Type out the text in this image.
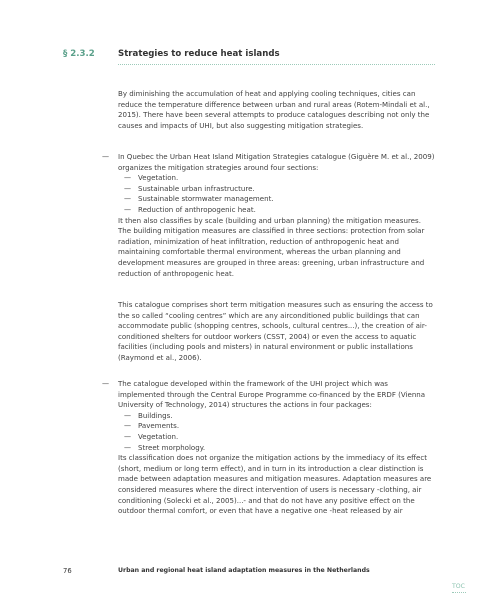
§ 2.3.2	Strategies to reduce heat islands

By diminishing the accumulation of heat and applying cooling techniques, cities can reduce the temperature difference between urban and rural areas (Rotem-Mindali et al., 2015). There have been several attempts to produce catalogues describing not only the causes and impacts of UHI, but also suggesting mitigation strategies.

— In Quebec the Urban Heat Island Mitigation Strategies catalogue (Giguère M. et al., 2009) organizes the mitigation strategies around four sections:

— Vegetation.
— Sustainable urban infrastructure.
— Sustainable stormwater management.
— Reduction of anthropogenic heat.

It then also classifies by scale (building and urban planning) the mitigation measures. The building mitigation measures are classified in three sections: protection from solar radiation, minimization of heat infiltration, reduction of anthropogenic heat and maintaining comfortable thermal environment, whereas the urban planning and development measures are grouped in three areas: greening, urban infrastructure and reduction of anthropogenic heat.

This catalogue comprises short term mitigation measures such as ensuring the access to the so called “cooling centres” which are any airconditioned public buildings that can accommodate public (shopping centres, schools, cultural centres...), the creation of air-conditioned shelters for outdoor workers (CSST, 2004) or even the access to aquatic facilities (including pools and misters) in natural environment or public installations (Raymond et al., 2006).

— The catalogue developed within the framework of the UHI project which was implemented through the Central Europe Programme co-financed by the ERDF (Vienna University of Technology, 2014) structures the actions in four packages:

— Buildings.
— Pavements.
— Vegetation.
— Street morphology.

Its classification does not organize the mitigation actions by the immediacy of its effect (short, medium or long term effect), and in turn in its introduction a clear distinction is made between adaptation measures and mitigation measures. Adaptation measures are considered measures where the direct intervention of users is necessary -clothing, air conditioning (Solecki et al., 2005)...- and that do not have any positive effect on the outdoor thermal comfort, or even that have a negative one -heat released by air

76	Urban and regional heat island adaptation measures in the Netherlands
TOC
